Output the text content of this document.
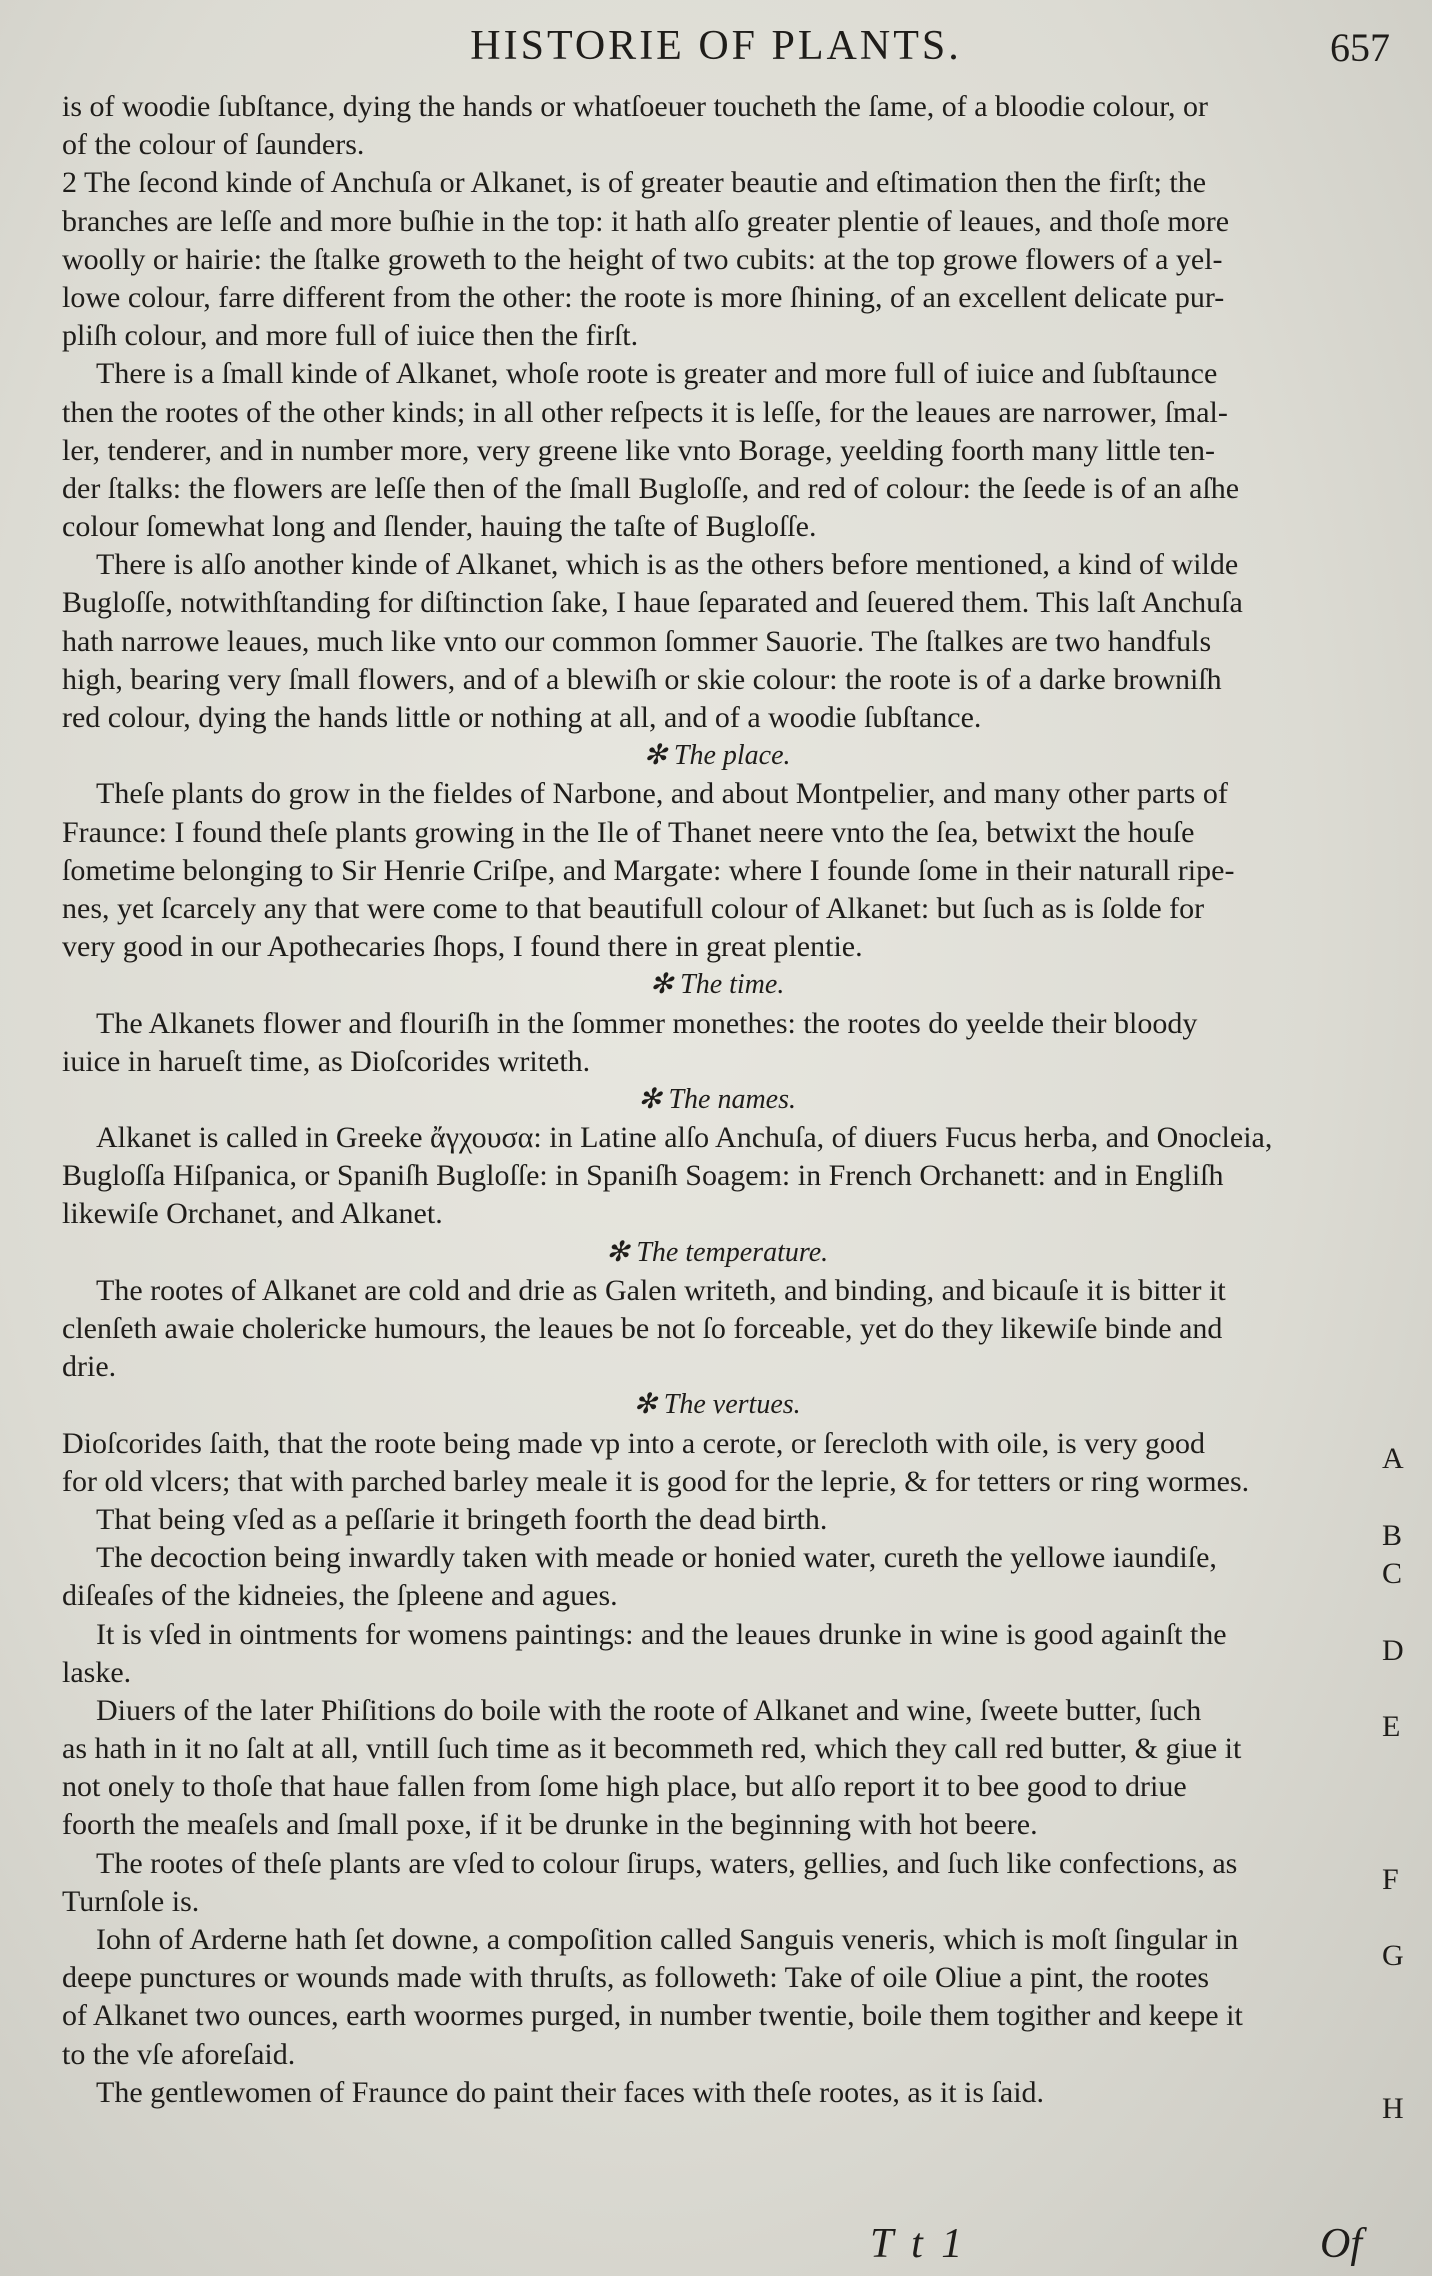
HISTORIE OF PLANTS.	657
is of woodie ſubſtance, dying the hands or whatſoeuer toucheth the ſame, of a bloodie colour, or
of the colour of ſaunders.
2 The ſecond kinde of Anchuſa or Alkanet, is of greater beautie and eſtimation then the firſt; the
branches are leſſe and more buſhie in the top: it hath alſo greater plentie of leaues, and thoſe more
woolly or hairie: the ſtalke groweth to the height of two cubits: at the top growe flowers of a yel-
lowe colour, farre different from the other: the roote is more ſhining, of an excellent delicate pur-
pliſh colour, and more full of iuice then the firſt.
There is a ſmall kinde of Alkanet, whoſe roote is greater and more full of iuice and ſubſtaunce
then the rootes of the other kinds; in all other reſpects it is leſſe, for the leaues are narrower, ſmal-
ler, tenderer, and in number more, very greene like vnto Borage, yeelding foorth many little ten-
der ſtalks: the flowers are leſſe then of the ſmall Bugloſſe, and red of colour: the ſeede is of an aſhe
colour ſomewhat long and ſlender, hauing the taſte of Bugloſſe.
There is alſo another kinde of Alkanet, which is as the others before mentioned, a kind of wilde
Bugloſſe, notwithſtanding for diſtinction ſake, I haue ſeparated and ſeuered them. This laſt Anchuſa
hath narrowe leaues, much like vnto our common ſommer Sauorie. The ſtalkes are two handfuls
high, bearing very ſmall flowers, and of a blewiſh or skie colour: the roote is of a darke browniſh
red colour, dying the hands little or nothing at all, and of a woodie ſubſtance.
✻ The place.
Theſe plants do grow in the fieldes of Narbone, and about Montpelier, and many other parts of
Fraunce: I found theſe plants growing in the Ile of Thanet neere vnto the ſea, betwixt the houſe
ſometime belonging to Sir Henrie Criſpe, and Margate: where I founde ſome in their naturall ripe-
nes, yet ſcarcely any that were come to that beautifull colour of Alkanet: but ſuch as is ſolde for
very good in our Apothecaries ſhops, I found there in great plentie.
✻ The time.
The Alkanets flower and flouriſh in the ſommer monethes: the rootes do yeelde their bloody
iuice in harueſt time, as Dioſcorides writeth.
✻ The names.
Alkanet is called in Greeke ἄγχουσα: in Latine alſo Anchuſa, of diuers Fucus herba, and Onocleia,
Bugloſſa Hiſpanica, or Spaniſh Bugloſſe: in Spaniſh Soagem: in French Orchanett: and in Engliſh
likewiſe Orchanet, and Alkanet.
✻ The temperature.
The rootes of Alkanet are cold and drie as Galen writeth, and binding, and bicauſe it is bitter it
clenſeth awaie cholericke humours, the leaues be not ſo forceable, yet do they likewiſe binde and
drie.
✻ The vertues.
Dioſcorides ſaith, that the roote being made vp into a cerote, or ſerecloth with oile, is very good
for old vlcers; that with parched barley meale it is good for the leprie, & for tetters or ring wormes.
That being vſed as a peſſarie it bringeth foorth the dead birth.
The decoction being inwardly taken with meade or honied water, cureth the yellowe iaundiſe,
diſeaſes of the kidneies, the ſpleene and agues.
It is vſed in ointments for womens paintings: and the leaues drunke in wine is good againſt the
laske.
Diuers of the later Phiſitions do boile with the roote of Alkanet and wine, ſweete butter, ſuch
as hath in it no ſalt at all, vntill ſuch time as it becommeth red, which they call red butter, & giue it
not onely to thoſe that haue fallen from ſome high place, but alſo report it to bee good to driue
foorth the meaſels and ſmall poxe, if it be drunke in the beginning with hot beere.
The rootes of theſe plants are vſed to colour ſirups, waters, gellies, and ſuch like confections, as
Turnſole is.
Iohn of Arderne hath ſet downe, a compoſition called Sanguis veneris, which is moſt ſingular in
deepe punctures or wounds made with thruſts, as followeth: Take of oile Oliue a pint, the rootes
of Alkanet two ounces, earth woormes purged, in number twentie, boile them togither and keepe it
to the vſe aforeſaid.
The gentlewomen of Fraunce do paint their faces with theſe rootes, as it is ſaid.
A
B
C
D
E
F
G
H
T t 1	Of
